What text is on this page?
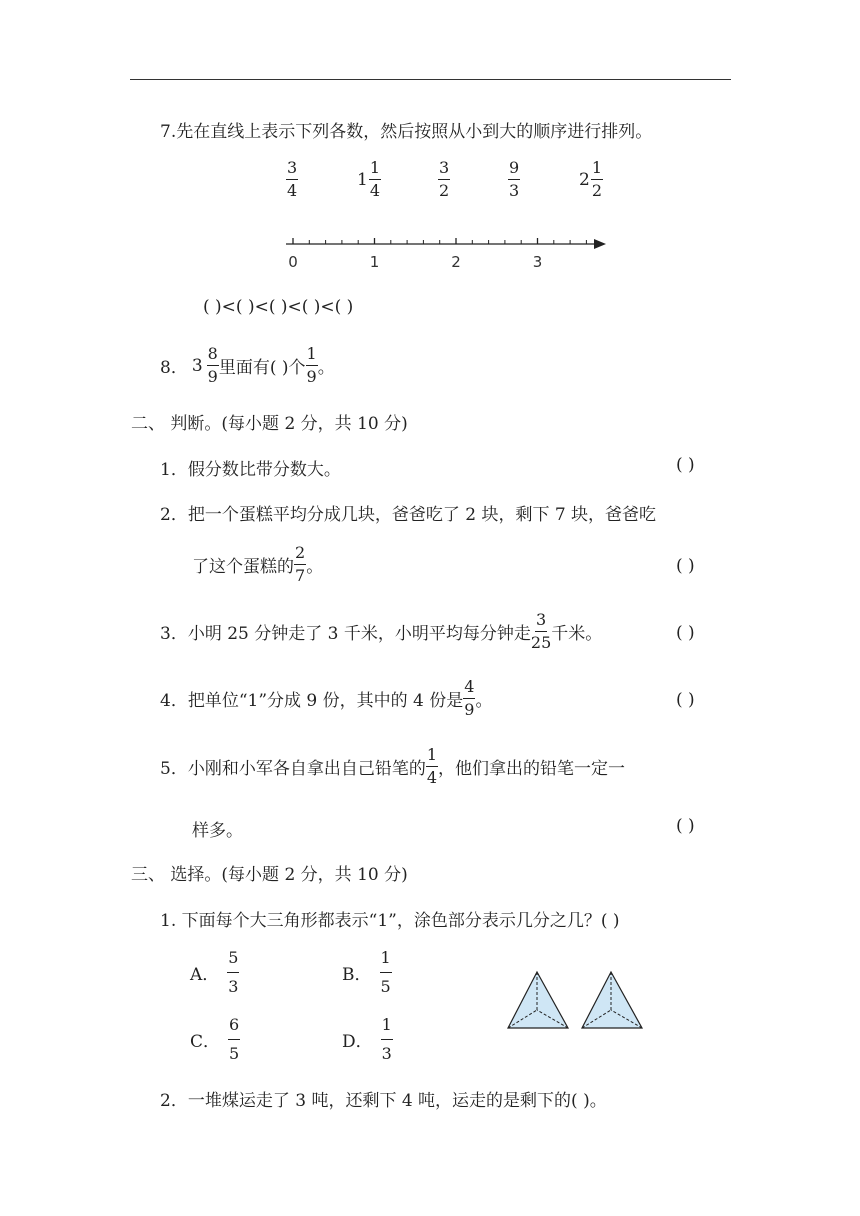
7.先在直线上表示下列各数，然后按照从小到大的顺序进行排列。
$\frac{3}{4}$	$1 \frac{1}{4}$	$\frac{3}{2}$	$\frac{9}{3}$	$2 \frac{1}{2}$
0	1	2	3
( )<( )<( )<( )<( )
8． $3 \frac{8}{9}$ 里面有( )个 $\frac{1}{9}$ 。
二、 判断。(每小题 2 分，共 10 分)
1．假分数比带分数大。	( )
2．把一个蛋糕平均分成几块，爸爸吃了 2 块，剩下 7 块，爸爸吃
了这个蛋糕的 $\frac{2}{7}$ 。	( )
3．小明 25 分钟走了 3 千米，小明平均每分钟走 $\frac{3}{25}$ 千米。	( )
4．把单位“1”分成 9 份，其中的 4 份是 $\frac{4}{9}$ 。	( )
5．小刚和小军各自拿出自己铅笔的 $\frac{1}{4}$ ，他们拿出的铅笔一定一
样多。	( )
三、 选择。(每小题 2 分，共 10 分)
1. 下面每个大三角形都表示“1”，涂色部分表示几分之几？( )
A． $\frac{5}{3}$	B． $\frac{1}{5}$
C． $\frac{6}{5}$	D． $\frac{1}{3}$
2．一堆煤运走了 3 吨，还剩下 4 吨，运走的是剩下的( )。
